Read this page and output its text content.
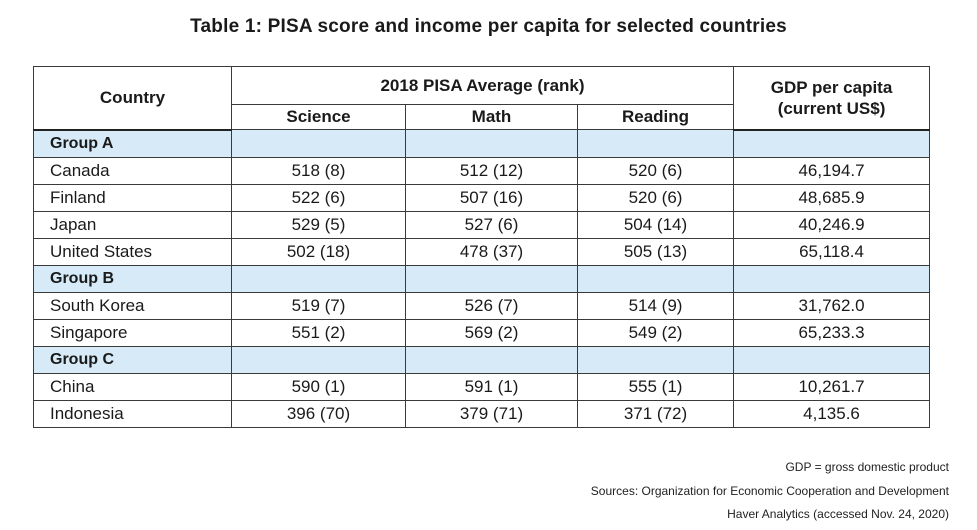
Table 1: PISA score and income per capita for selected countries
Country	2018 PISA Average (rank)			GDP per capita
(current US$)
	Science	Math	Reading	
Group A				
Canada	518 (8)	512 (12)	520 (6)	46,194.7
Finland	522 (6)	507 (16)	520 (6)	48,685.9
Japan	529 (5)	527 (6)	504 (14)	40,246.9
United States	502 (18)	478 (37)	505 (13)	65,118.4
Group B				
South Korea	519 (7)	526 (7)	514 (9)	31,762.0
Singapore	551 (2)	569 (2)	549 (2)	65,233.3
Group C				
China	590 (1)	591 (1)	555 (1)	10,261.7
Indonesia	396 (70)	379 (71)	371 (72)	4,135.6
GDP = gross domestic product
Sources: Organization for Economic Cooperation and Development
Haver Analytics (accessed Nov. 24, 2020)
